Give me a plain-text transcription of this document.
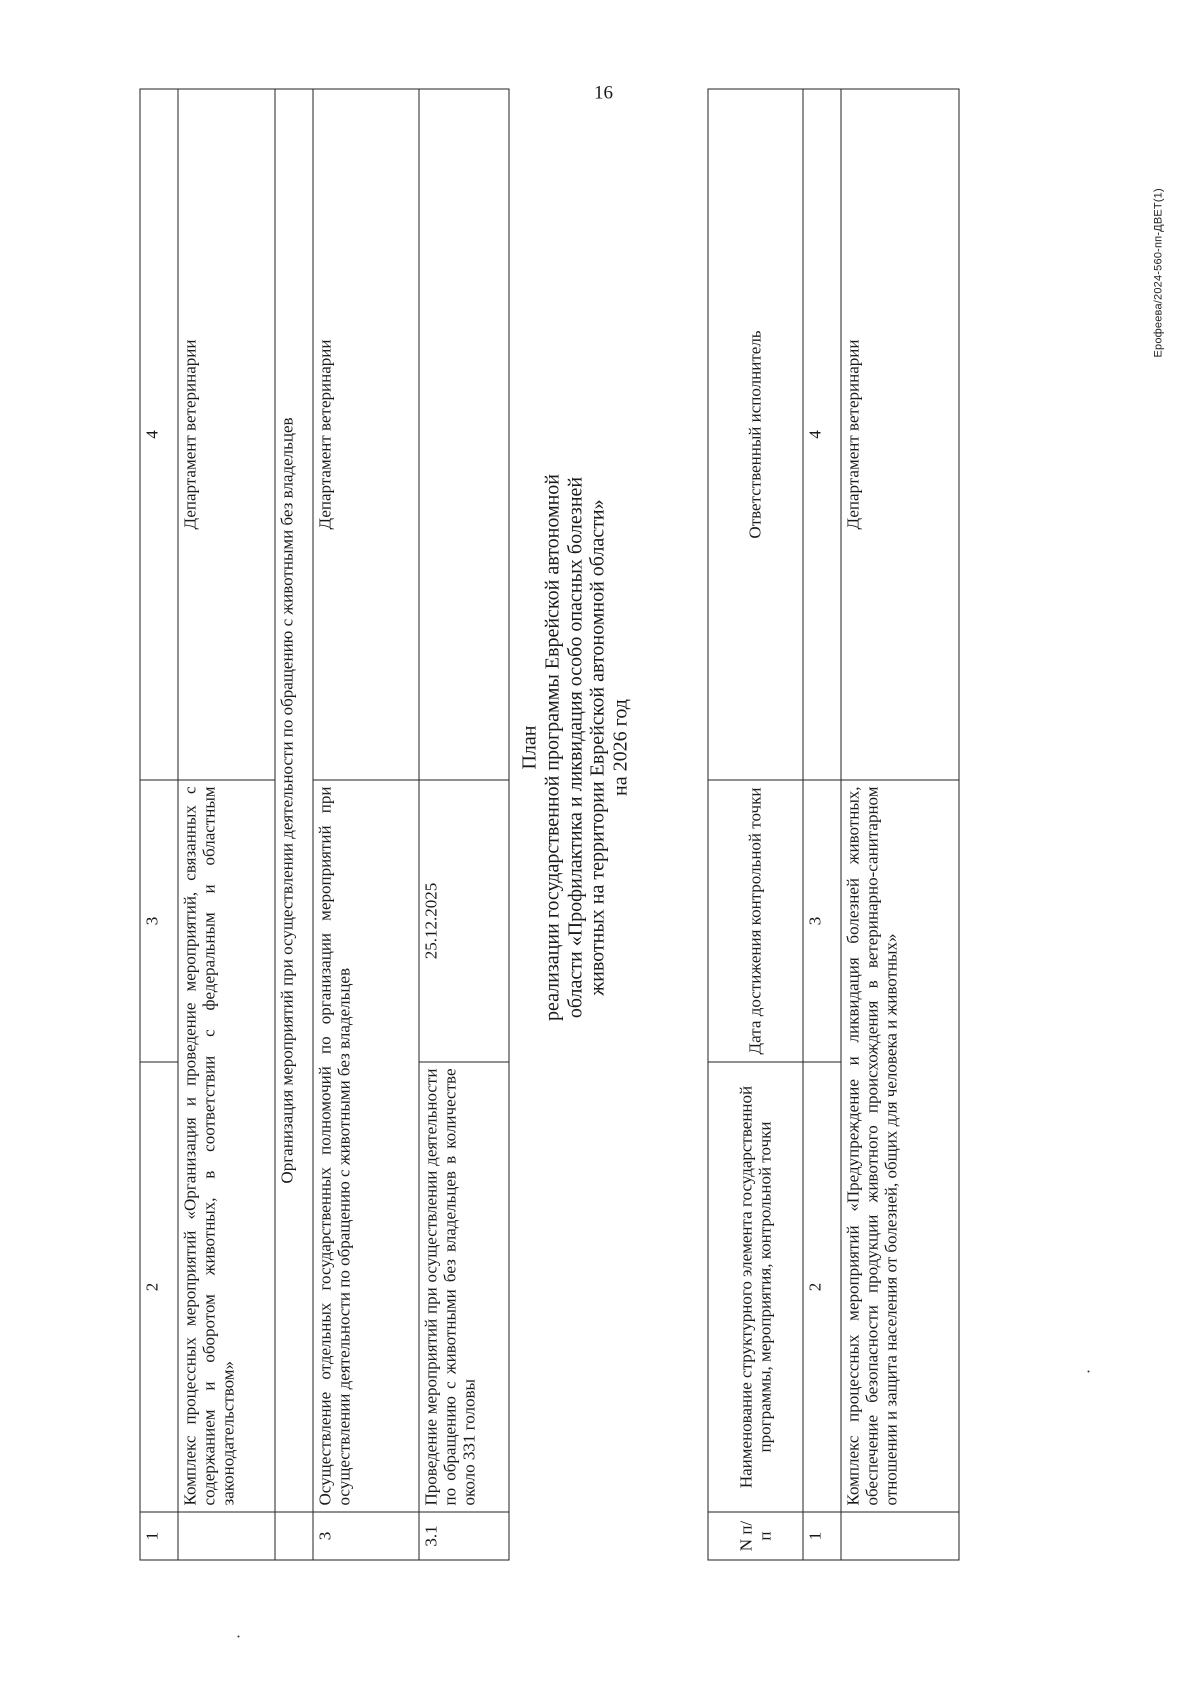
16
1	2	3	4
	Комплекс процессных мероприятий «Организация и проведение мероприятий, связанных с содержанием и оборотом животных, в соответствии с федеральным и областным законодательством»		Департамент ветеринарии
	Организация мероприятий при осуществлении деятельности по обращению с животными без владельцев		
3	Осуществление отдельных государственных полномочий по организации мероприятий при осуществлении деятельности по обращению с животными без владельцев		Департамент ветеринарии
3.1	Проведение мероприятий при осуществлении деятельности по обращению с животными без владельцев в количестве около 331 головы	25.12.2025	
План реализации государственной программы Еврейской автономной области «Профилактика и ликвидация особо опасных болезней животных на территории Еврейской автономной области» на 2026 год
N п/п	Наименование структурного элемента государственной программы, мероприятия, контрольной точки	Дата достижения контрольной точки	Ответственный исполнитель
1	2	3	4
	Комплекс процессных мероприятий «Предупреждение и ликвидация болезней животных, обеспечение безопасности продукции животного происхождения в ветеринарно-санитарном отношении и защита населения от болезней, общих для человека и животных»		Департамент ветеринарии
Ерофеева/2024-560-пп-ДВЕТ(1)
